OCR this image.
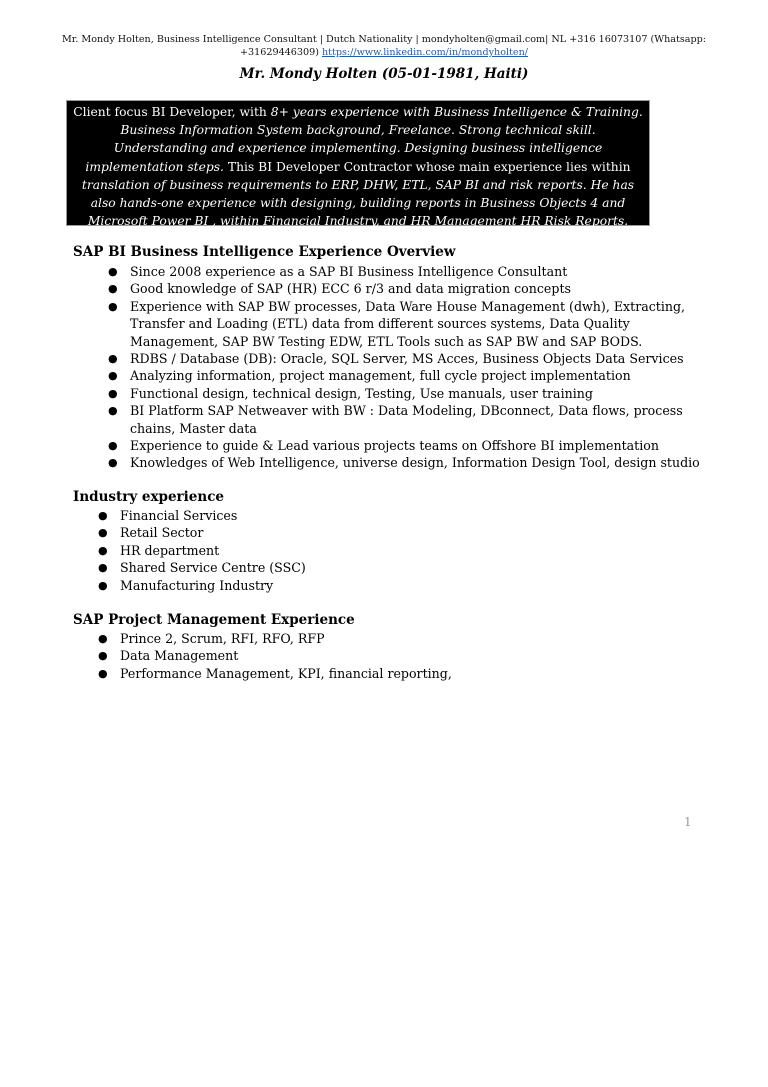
Mr. Mondy Holten, Business Intelligence Consultant | Dutch Nationality | mondyholten@gmail.com| NL +316 16073107 (Whatsapp:
+31629446309) https://www.linkedin.com/in/mondyholten/
Mr. Mondy Holten (05-01-1981, Haiti)
Client focus BI Developer, with 8+ years experience with Business Intelligence & Training. Business Information System background, Freelance. Strong technical skill. Understanding and experience implementing. Designing business intelligence implementation steps. This BI Developer Contractor whose main experience lies within translation of business requirements to ERP, DHW, ETL, SAP BI and risk reports. He has also hands-one experience with designing, building reports in Business Objects 4 and Microsoft Power BI , within Financial Industry, and HR Management HR Risk Reports.
SAP BI Business Intelligence Experience Overview
● Since 2008 experience as a SAP BI Business Intelligence Consultant
● Good knowledge of SAP (HR) ECC 6 r/3 and data migration concepts
● Experience with SAP BW processes, Data Ware House Management (dwh), Extracting, Transfer and Loading (ETL) data from different sources systems, Data Quality Management, SAP BW Testing EDW, ETL Tools such as SAP BW and SAP BODS.
● RDBS / Database (DB): Oracle, SQL Server, MS Acces, Business Objects Data Services
● Analyzing information, project management, full cycle project implementation
● Functional design, technical design, Testing, Use manuals, user training
● BI Platform SAP Netweaver with BW : Data Modeling, DBconnect, Data flows, process chains, Master data
● Experience to guide & Lead various projects teams on Offshore BI implementation
● Knowledges of Web Intelligence, universe design, Information Design Tool, design studio
Industry experience
● Financial Services
● Retail Sector
● HR department
● Shared Service Centre (SSC)
● Manufacturing Industry
SAP Project Management Experience
● Prince 2, Scrum, RFI, RFO, RFP
● Data Management
● Performance Management, KPI, financial reporting,
1
